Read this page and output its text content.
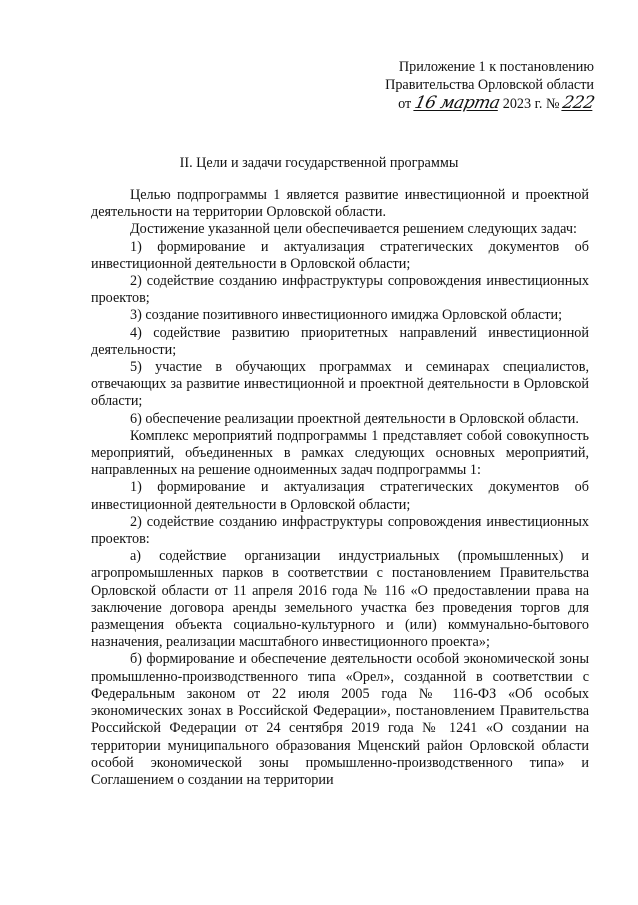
Приложение 1 к постановлению
Правительства Орловской области
от 16 марта 2023 г. № 222
II. Цели и задачи государственной программы

Целью подпрограммы 1 является развитие инвестиционной и проектной деятельности на территории Орловской области.

Достижение указанной цели обеспечивается решением следующих задач:

1) формирование и актуализация стратегических документов об инвестиционной деятельности в Орловской области;

2) содействие созданию инфраструктуры сопровождения инвестиционных проектов;

3) создание позитивного инвестиционного имиджа Орловской области;

4) содействие развитию приоритетных направлений инвестиционной деятельности;

5) участие в обучающих программах и семинарах специалистов, отвечающих за развитие инвестиционной и проектной деятельности в Орловской области;

6) обеспечение реализации проектной деятельности в Орловской области.

Комплекс мероприятий подпрограммы 1 представляет собой совокупность мероприятий, объединенных в рамках следующих основных мероприятий, направленных на решение одноименных задач подпрограммы 1:

1) формирование и актуализация стратегических документов об инвестиционной деятельности в Орловской области;

2) содействие созданию инфраструктуры сопровождения инвестиционных проектов:

а) содействие организации индустриальных (промышленных) и агропромышленных парков в соответствии с постановлением Правительства Орловской области от 11 апреля 2016 года № 116 «О предоставлении права на заключение договора аренды земельного участка без проведения торгов для размещения объекта социально-культурного и (или) коммунально-бытового назначения, реализации масштабного инвестиционного проекта»;

б) формирование и обеспечение деятельности особой экономической зоны промышленно-производственного типа «Орел», созданной в соответствии с Федеральным законом от 22 июля 2005 года № 116-ФЗ «Об особых экономических зонах в Российской Федерации», постановлением Правительства Российской Федерации от 24 сентября 2019 года № 1241 «О создании на территории муниципального образования Мценский район Орловской области особой экономической зоны промышленно-производственного типа» и Соглашением о создании на территории
